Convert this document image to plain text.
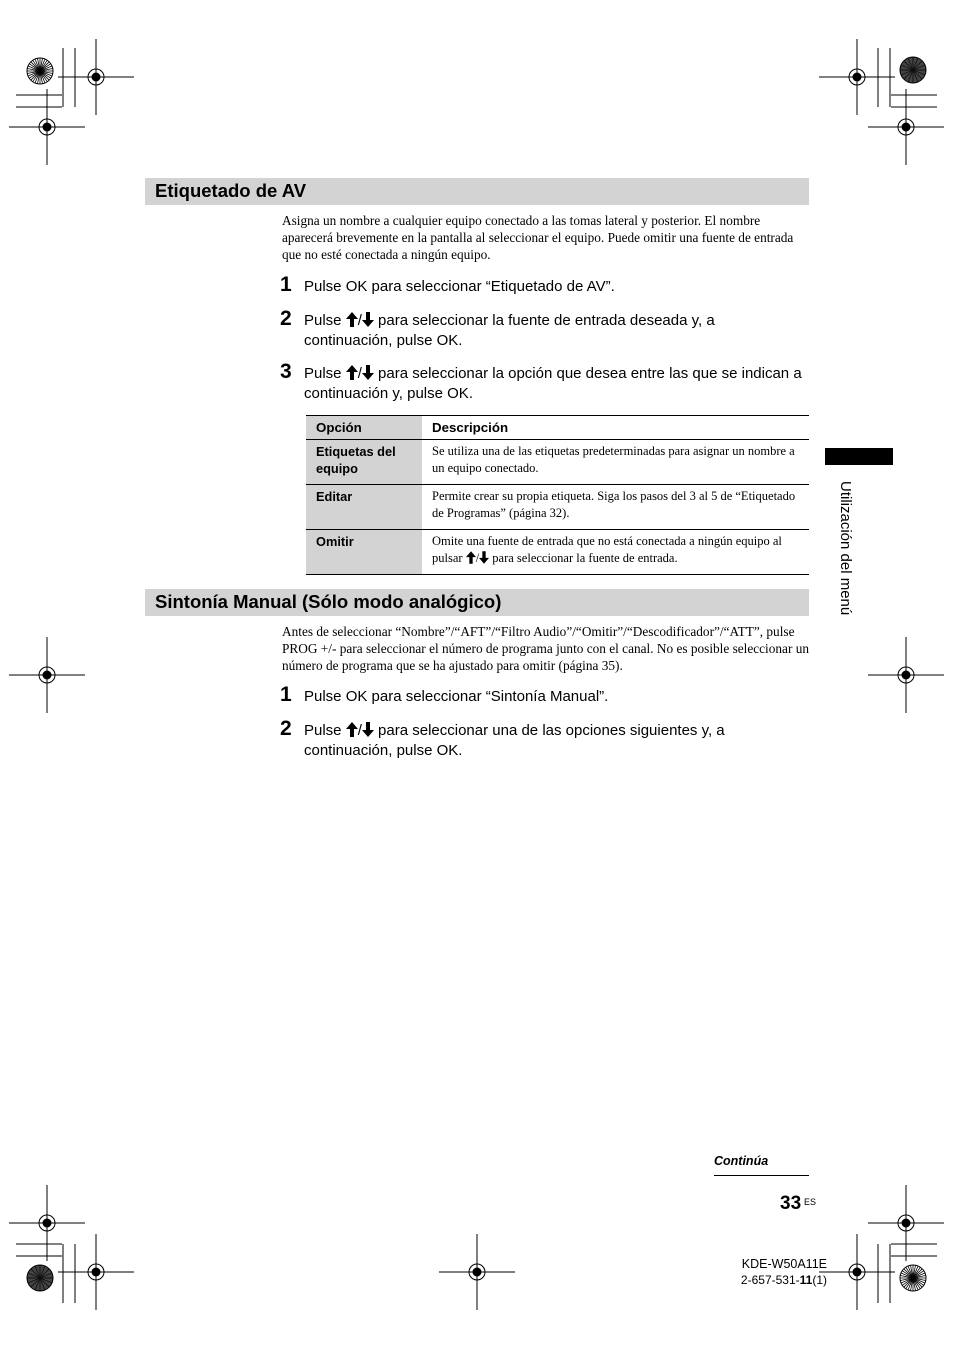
Etiquetado de AV
Asigna un nombre a cualquier equipo conectado a las tomas lateral y posterior. El nombre aparecerá brevemente en la pantalla al seleccionar el equipo. Puede omitir una fuente de entrada que no esté conectada a ningún equipo.
1 Pulse OK para seleccionar “Etiquetado de AV”.
2 Pulse
/
para seleccionar la fuente de entrada deseada y, a continuación, pulse OK.
3 Pulse
/
para seleccionar la opción que desea entre las que se indican a continuación y, pulse OK.
Opción	Descripción
Etiquetas del equipo	Se utiliza una de las etiquetas predeterminadas para asignar un nombre a un equipo conectado.
Editar	Permite crear su propia etiqueta. Siga los pasos del 3 al 5 de “Etiquetado de Programas” (página 32).
Omitir	Omite una fuente de entrada que no está conectada a ningún equipo al pulsar
/
para seleccionar la fuente de entrada.
Sintonía Manual (Sólo modo analógico)
Antes de seleccionar “Nombre”/“AFT”/“Filtro Audio”/“Omitir”/“Descodificador”/“ATT”, pulse PROG +/- para seleccionar el número de programa junto con el canal. No es posible seleccionar un número de programa que se ha ajustado para omitir (página 35).
1 Pulse OK para seleccionar “Sintonía Manual”.
2 Pulse
/
para seleccionar una de las opciones siguientes y, a continuación, pulse OK.
Utilización del menú
Continúa
33 ES
KDE-W50A11E
2-657-531-11(1)
